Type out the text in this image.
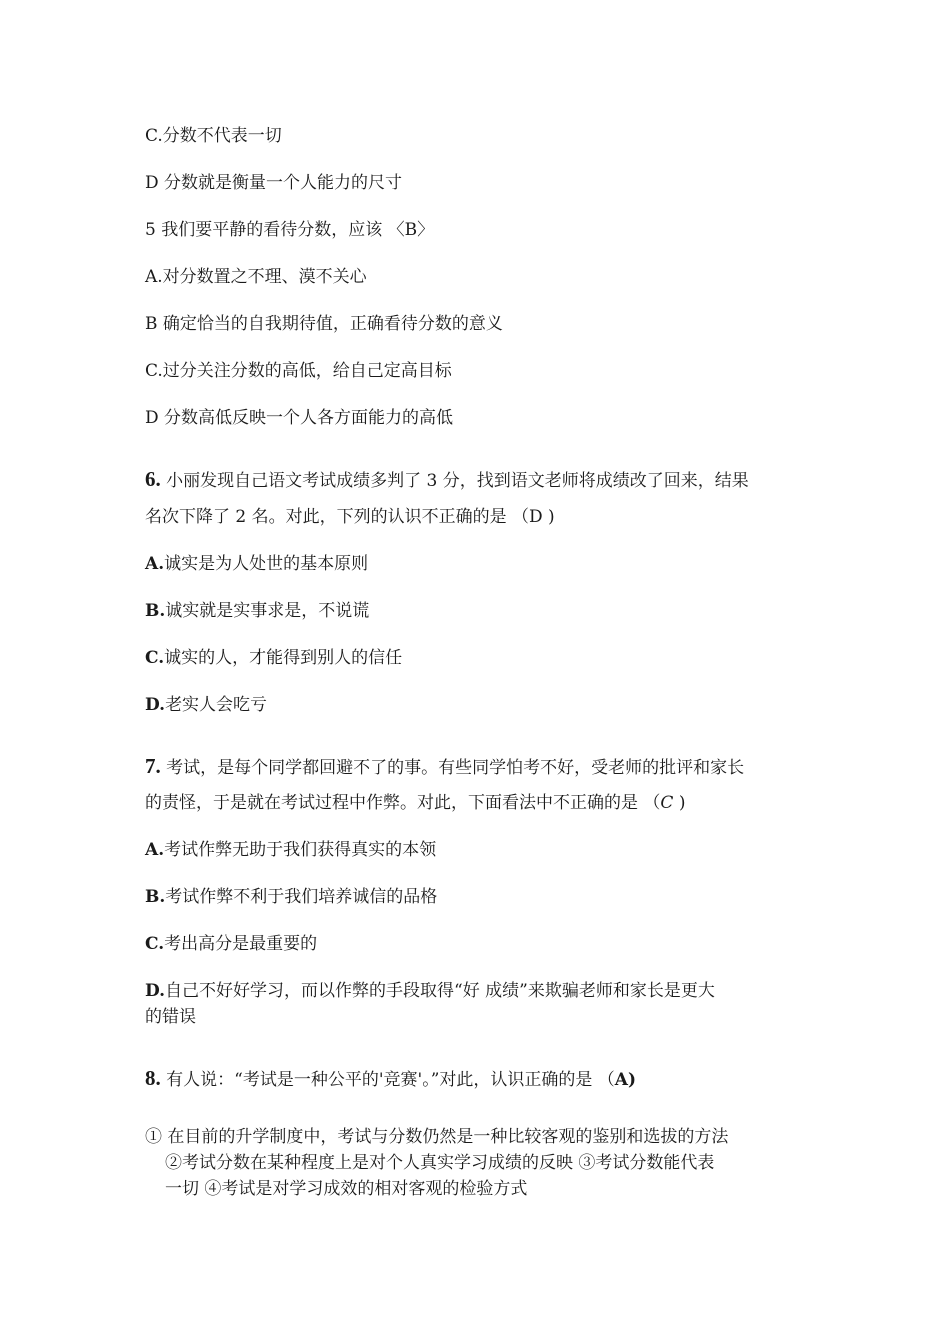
C.分数不代表一切
D 分数就是衡量一个人能力的尺寸
5 我们要平静的看待分数，应该 〈B〉
A.对分数置之不理、漠不关心
B 确定恰当的自我期待值，正确看待分数的意义
C.过分关注分数的高低，给自己定高目标
D 分数高低反映一个人各方面能力的高低
6. 小丽发现自己语文考试成绩多判了 3 分，找到语文老师将成绩改了回来，结果
名次下降了 2 名。对此，下列的认识不正确的是 （D )
A.诚实是为人处世的基本原则
B.诚实就是实事求是，不说谎
C.诚实的人，才能得到别人的信任
D.老实人会吃亏
7. 考试，是每个同学都回避不了的事。有些同学怕考不好，受老师的批评和家长
的责怪，于是就在考试过程中作弊。对此，下面看法中不正确的是 （C )
A.考试作弊无助于我们获得真实的本领
B.考试作弊不利于我们培养诚信的品格
C.考出高分是最重要的
D.自己不好好学习，而以作弊的手段取得“好 成绩”来欺骗老师和家长是更大
的错误
8. 有人说：“考试是一种公平的'竞赛'。”对此，认识正确的是 （A)
① 在目前的升学制度中，考试与分数仍然是一种比较客观的鉴别和选拔的方法
②考试分数在某种程度上是对个人真实学习成绩的反映 ③考试分数能代表
一切 ④考试是对学习成效的相对客观的检验方式
